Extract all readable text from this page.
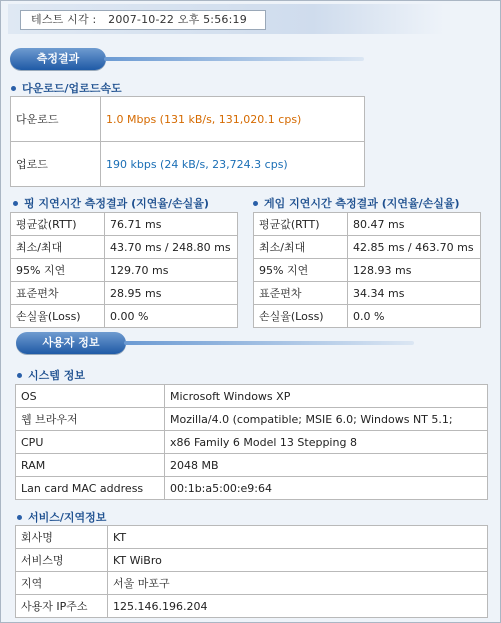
테스트 시각 : 2007-10-22 오후 5:56:19
측정결과
다운로드/업로드속도
다운로드	1.0 Mbps (131 kB/s, 131,020.1 cps)
업로드	190 kbps (24 kB/s, 23,724.3 cps)
핑 지연시간 측정결과 (지연율/손실율)
평균값(RTT)	76.71 ms
최소/최대	43.70 ms / 248.80 ms
95% 지연	129.70 ms
표준편차	28.95 ms
손실율(Loss)	0.00 %
게임 지연시간 측정결과 (지연율/손실율)
평균값(RTT)	80.47 ms
최소/최대	42.85 ms / 463.70 ms
95% 지연	128.93 ms
표준편차	34.34 ms
손실율(Loss)	0.0 %
사용자 정보
시스템 정보
OS	Microsoft Windows XP
웹 브라우저	Mozilla/4.0 (compatible; MSIE 6.0; Windows NT 5.1;
CPU	x86 Family 6 Model 13 Stepping 8
RAM	2048 MB
Lan card MAC address	00:1b:a5:00:e9:64
서비스/지역정보
회사명	KT
서비스명	KT WiBro
지역	서울 마포구
사용자 IP주소	125.146.196.204
